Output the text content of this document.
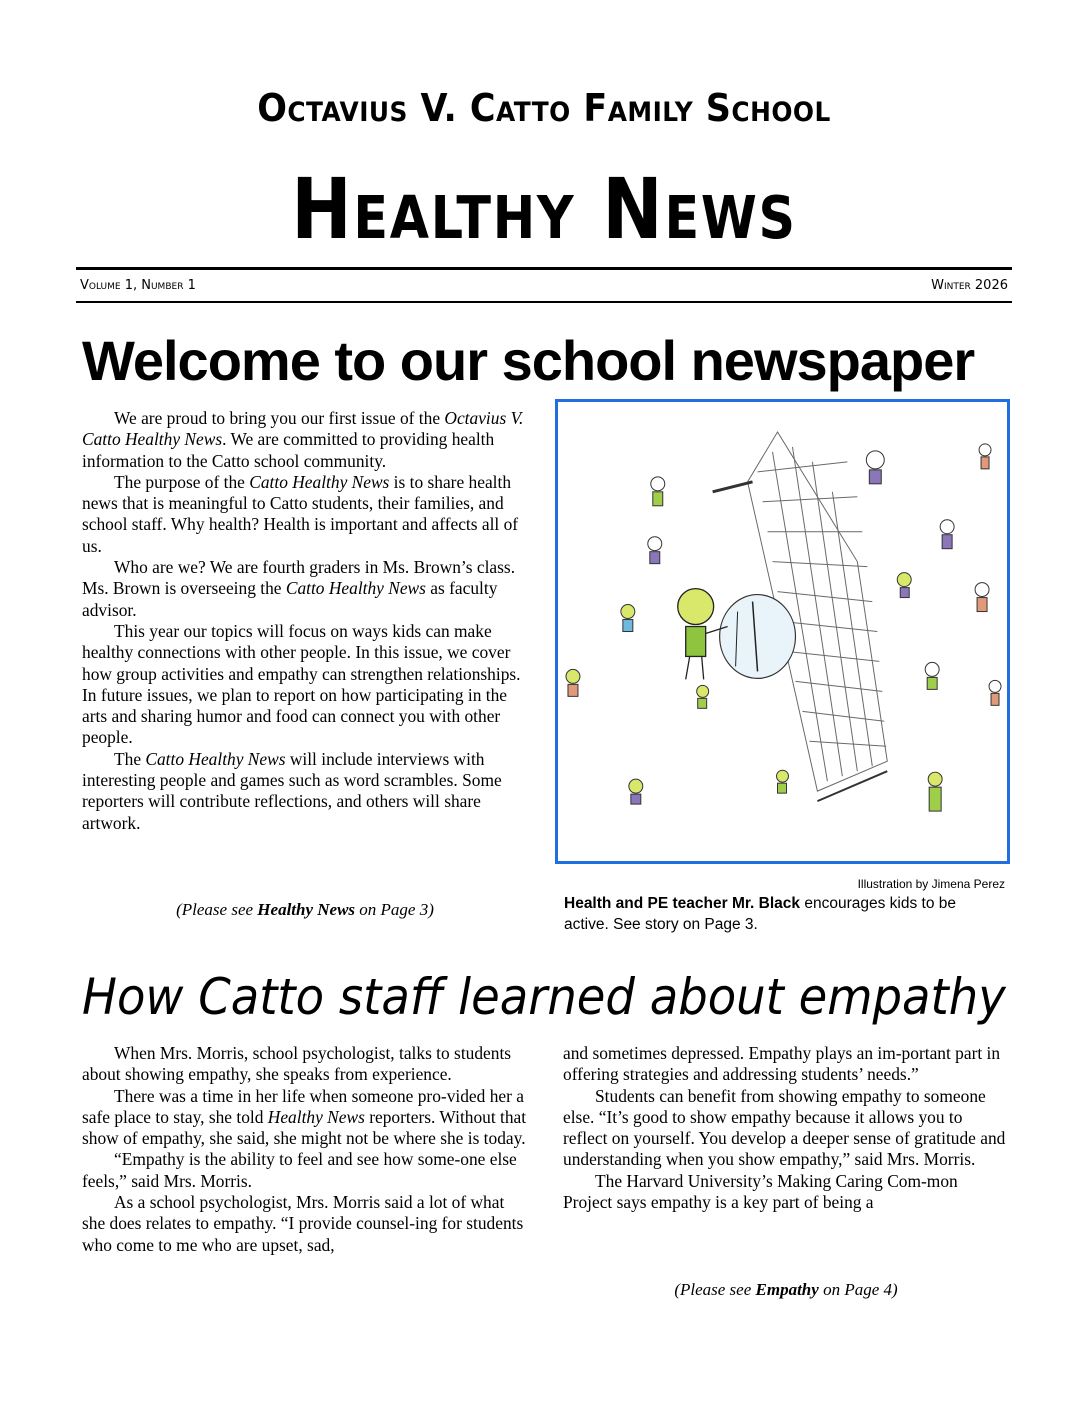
Octavius V. Catto Family School
Healthy News
Volume 1, Number 1	Winter 2026
Welcome to our school newspaper

We are proud to bring you our first issue of the Octavius V. Catto Healthy News. We are committed to providing health information to the Catto school community.

The purpose of the Catto Healthy News is to share health news that is meaningful to Catto students, their families, and school staff. Why health? Health is important and affects all of us.

Who are we? We are fourth graders in Ms. Brown’s class. Ms. Brown is overseeing the Catto Healthy News as faculty advisor.

This year our topics will focus on ways kids can make healthy connections with other people. In this issue, we cover how group activities and empathy can strengthen relationships. In future issues, we plan to report on how participating in the arts and sharing humor and food can connect you with other people.

The Catto Healthy News will include interviews with interesting people and games such as word scrambles. Some reporters will contribute reflections, and others will share artwork.

(Please see Healthy News on Page 3)
Illustration by Jimena Perez
Health and PE teacher Mr. Black encourages kids to be active. See story on Page 3.
How Catto staff learned about empathy

When Mrs. Morris, school psychologist, talks to students about showing empathy, she speaks from experience.

There was a time in her life when someone pro-vided her a safe place to stay, she told Healthy News reporters. Without that show of empathy, she said, she might not be where she is today.

“Empathy is the ability to feel and see how some-one else feels,” said Mrs. Morris.

As a school psychologist, Mrs. Morris said a lot of what she does relates to empathy. “I provide counsel-ing for students who come to me who are upset, sad,

and sometimes depressed. Empathy plays an im-portant part in offering strategies and addressing students’ needs.”

Students can benefit from showing empathy to someone else. “It’s good to show empathy because it allows you to reflect on yourself. You develop a deeper sense of gratitude and understanding when you show empathy,” said Mrs. Morris.

The Harvard University’s Making Caring Com-mon Project says empathy is a key part of being a

(Please see Empathy on Page 4)
